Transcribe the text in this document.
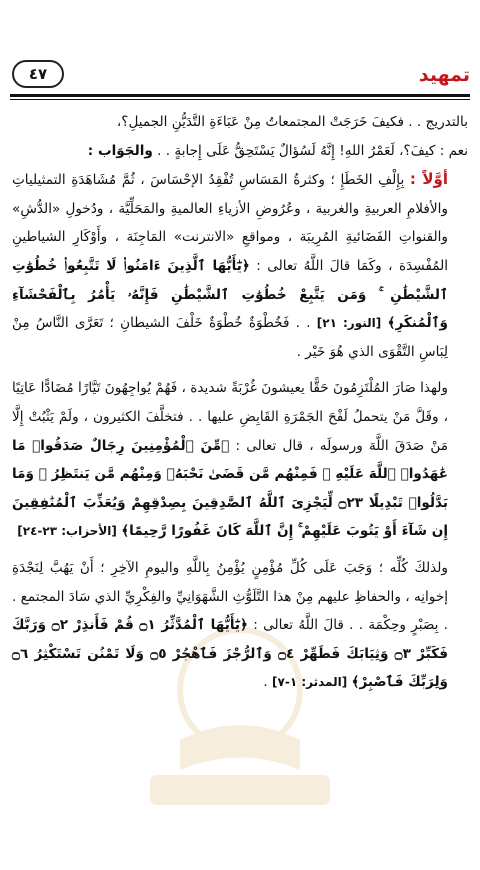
تمهيد
٤٧

بالتدريج . . فكيفَ خَرَجَتْ المجتمعاتُ مِنْ عَبَاءَةِ التَّدَيُّنِ الجميلِ؟،

نعم : كيفَ؟، لَعَمْرُ اللهِ! إِنَّهُ لَسُؤالٌ يَسْتَحِقُّ عَلَى إِجابةٍ . . والجَوَاب :

أوَّلاً : بِإِلْفِ الخَطَإِ ؛ وكثرةُ المَسَاسِ تُفْقِدُ الإحْسَاسَ ، ثُمَّ مُشَاهَدَةِ التمثيلياتِ والأفلامِ العربيةِ والغربية ، وعُرُوضِ الأزياءِ العالميةِ والمَحَلِّيَّة ، ودُخولِ «الدُّشِ» والقنواتِ الفَضَائيةِ المُرِيبَة ، ومواقعِ «الانترنت» المَاجِنَة ، وأَوْكَارِ الشياطينِ المُفْسِدَة ، وكَمَا قالَ اللَّهُ تعالى : ﴿يَٰٓأَيُّهَا ٱلَّذِينَ ءَامَنُوا۟ لَا تَتَّبِعُوا۟ خُطُوَٰتِ ٱلشَّيْطَٰنِ ۚ وَمَن يَتَّبِعْ خُطُوَٰتِ ٱلشَّيْطَٰنِ فَإِنَّهُۥ يَأْمُرُ بِٱلْفَحْشَآءِ وَٱلْمُنكَرِ﴾ [النور: ٢١] . . فَخُطْوَةٌ خُطْوَةٌ خَلْفَ الشيطانِ ؛ تَعَرَّى النَّاسُ مِنْ لِبَاسِ التَّقْوَى الذي هُوَ خَيْر .

ولهذا صَارَ المُلْتَزِمُونَ حَقًّا يعيشونَ غُرْبَةً شديدة ، فَهُمْ يُواجِهُونَ تَيَّارًا مُضَادًّا عَاتِيًا ، وقَلَّ مَنْ يتحملُ لَفْحَ الجَمْرَةِ القَابِضِ عليها . . فتخلَّفَ الكثيرون ، ولَمْ يَثْبُتْ إِلَّا مَنْ صَدَقَ اللَّهَ ورسولَه ، قال تعالى : ﴿مِّنَ ٱلْمُؤْمِنِينَ رِجَالٌ صَدَقُوا۟ مَا عَٰهَدُوا۟ ٱللَّهَ عَلَيْهِ ۖ فَمِنْهُم مَّن قَضَىٰ نَحْبَهُۥ وَمِنْهُم مَّن يَنتَظِرُ ۖ وَمَا بَدَّلُوا۟ تَبْدِيلًا ۝٢٣ لِّيَجْزِىَ ٱللَّهُ ٱلصَّٰدِقِينَ بِصِدْقِهِمْ وَيُعَذِّبَ ٱلْمُنَٰفِقِينَ إِن شَآءَ أَوْ يَتُوبَ عَلَيْهِمْ ۚ إِنَّ ٱللَّهَ كَانَ غَفُورًا رَّحِيمًا﴾ [الأحزاب: ٢٣-٢٤]

ولذلكَ كُلِّه ؛ وَجَبَ عَلَى كُلِّ مُؤْمِنٍ يُؤْمِنُ بِاللَّهِ واليومِ الآخِرِ ؛ أَنْ يَهُبَّ لِنَجْدَةِ إخوانِه ، والحفاظِ عليهم مِنْ هذا التَّلَوُّثِ الشَّهَوَانِيِّ والفِكْرِيِّ الذي سَادَ المجتمع . . بِصَبْرٍ وحِكْمَة . . قالَ اللَّهُ تعالى : ﴿يَٰٓأَيُّهَا ٱلْمُدَّثِّرُ ۝١ قُمْ فَأَنذِرْ ۝٢ وَرَبَّكَ فَكَبِّرْ ۝٣ وَثِيَابَكَ فَطَهِّرْ ۝٤ وَٱلرُّجْزَ فَٱهْجُرْ ۝٥ وَلَا تَمْنُن تَسْتَكْثِرُ ۝٦ وَلِرَبِّكَ فَٱصْبِرْ﴾ [المدثر: ١-٧] .
